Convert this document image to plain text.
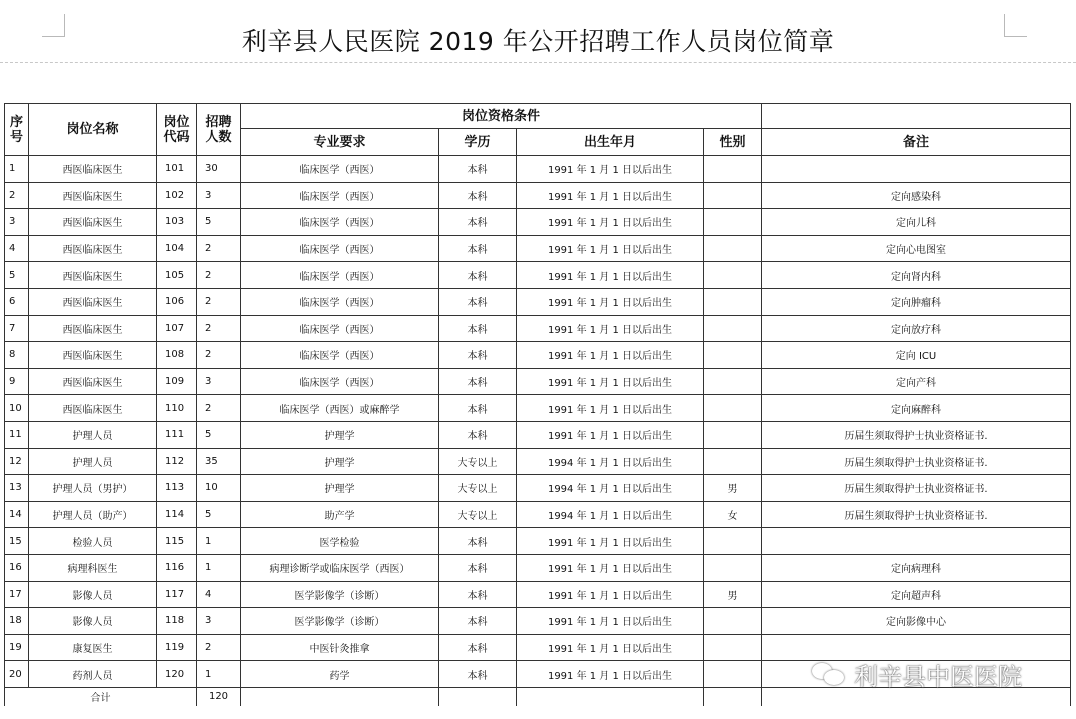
利辛县人民医院 2019 年公开招聘工作人员岗位简章
序号	岗位名称	岗位代码	招聘人数	岗位资格条件				
				专业要求	学历	出生年月	性别	备注
1	西医临床医生	101	30	临床医学（西医）	本科	1991 年 1 月 1 日以后出生		
2	西医临床医生	102	3	临床医学（西医）	本科	1991 年 1 月 1 日以后出生		定向感染科
3	西医临床医生	103	5	临床医学（西医）	本科	1991 年 1 月 1 日以后出生		定向儿科
4	西医临床医生	104	2	临床医学（西医）	本科	1991 年 1 月 1 日以后出生		定向心电图室
5	西医临床医生	105	2	临床医学（西医）	本科	1991 年 1 月 1 日以后出生		定向肾内科
6	西医临床医生	106	2	临床医学（西医）	本科	1991 年 1 月 1 日以后出生		定向肿瘤科
7	西医临床医生	107	2	临床医学（西医）	本科	1991 年 1 月 1 日以后出生		定向放疗科
8	西医临床医生	108	2	临床医学（西医）	本科	1991 年 1 月 1 日以后出生		定向 ICU
9	西医临床医生	109	3	临床医学（西医）	本科	1991 年 1 月 1 日以后出生		定向产科
10	西医临床医生	110	2	临床医学（西医）或麻醉学	本科	1991 年 1 月 1 日以后出生		定向麻醉科
11	护理人员	111	5	护理学	本科	1991 年 1 月 1 日以后出生		历届生须取得护士执业资格证书.
12	护理人员	112	35	护理学	大专以上	1994 年 1 月 1 日以后出生		历届生须取得护士执业资格证书.
13	护理人员（男护）	113	10	护理学	大专以上	1994 年 1 月 1 日以后出生	男	历届生须取得护士执业资格证书.
14	护理人员（助产）	114	5	助产学	大专以上	1994 年 1 月 1 日以后出生	女	历届生须取得护士执业资格证书.
15	检验人员	115	1	医学检验	本科	1991 年 1 月 1 日以后出生		
16	病理科医生	116	1	病理诊断学或临床医学（西医）	本科	1991 年 1 月 1 日以后出生		定向病理科
17	影像人员	117	4	医学影像学（诊断）	本科	1991 年 1 月 1 日以后出生	男	定向超声科
18	影像人员	118	3	医学影像学（诊断）	本科	1991 年 1 月 1 日以后出生		定向影像中心
19	康复医生	119	2	中医针灸推拿	本科	1991 年 1 月 1 日以后出生		
20	药剂人员	120	1	药学	本科	1991 年 1 月 1 日以后出生		
合计			120					
利辛县中医医院
